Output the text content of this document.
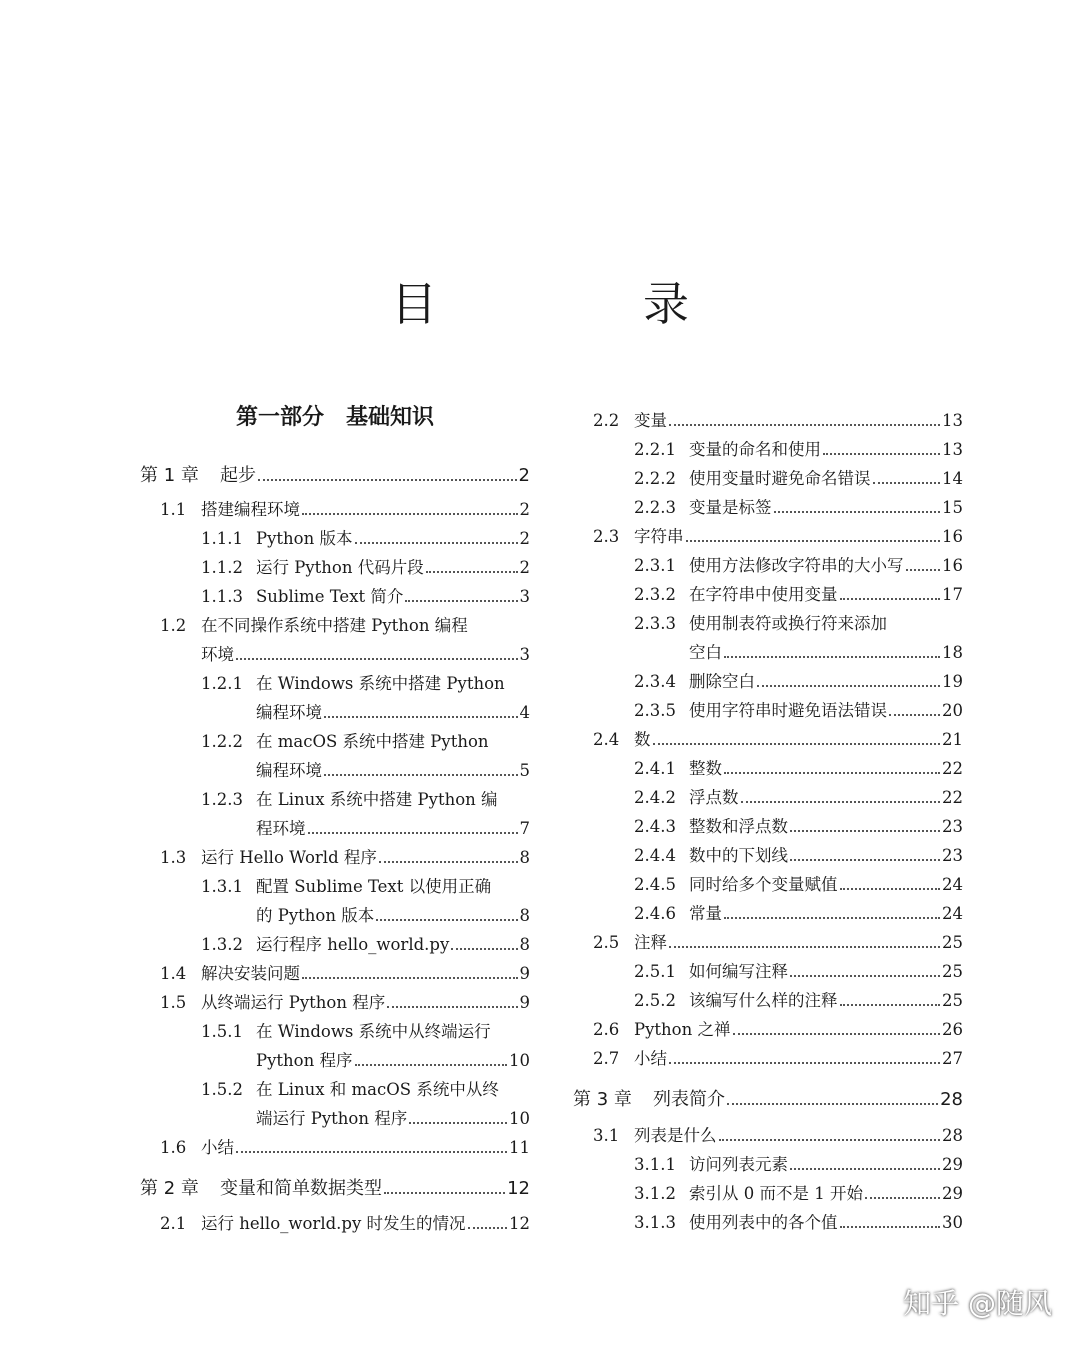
目　录
第一部分　基础知识
第 1 章 起步	2
1.1 搭建编程环境	2
1.1.1 Python 版本	2
1.1.2 运行 Python 代码片段	2
1.1.3 Sublime Text 简介	3
1.2 在不同操作系统中搭建 Python 编程
环境	3
1.2.1 在 Windows 系统中搭建 Python
编程环境	4
1.2.2 在 macOS 系统中搭建 Python
编程环境	5
1.2.3 在 Linux 系统中搭建 Python 编
程环境	7
1.3 运行 Hello World 程序	8
1.3.1 配置 Sublime Text 以使用正确
的 Python 版本	8
1.3.2 运行程序 hello_world.py	8
1.4 解决安装问题	9
1.5 从终端运行 Python 程序	9
1.5.1 在 Windows 系统中从终端运行
Python 程序	10
1.5.2 在 Linux 和 macOS 系统中从终
端运行 Python 程序	10
1.6 小结	11
第 2 章 变量和简单数据类型	12
2.1 运行 hello_world.py 时发生的情况	12
2.2 变量	13
2.2.1 变量的命名和使用	13
2.2.2 使用变量时避免命名错误	14
2.2.3 变量是标签	15
2.3 字符串	16
2.3.1 使用方法修改字符串的大小写 16
2.3.2 在字符串中使用变量	17
2.3.3 使用制表符或换行符来添加
空白	18
2.3.4 删除空白	19
2.3.5 使用字符串时避免语法错误	20
2.4 数	21
2.4.1 整数	22
2.4.2 浮点数	22
2.4.3 整数和浮点数	23
2.4.4 数中的下划线	23
2.4.5 同时给多个变量赋值	24
2.4.6 常量	24
2.5 注释	25
2.5.1 如何编写注释	25
2.5.2 该编写什么样的注释	25
2.6 Python 之禅	26
2.7 小结	27
第 3 章 列表简介	28
3.1 列表是什么	28
3.1.1 访问列表元素	29
3.1.2 索引从 0 而不是 1 开始	29
3.1.3 使用列表中的各个值	30
知乎 @随风
